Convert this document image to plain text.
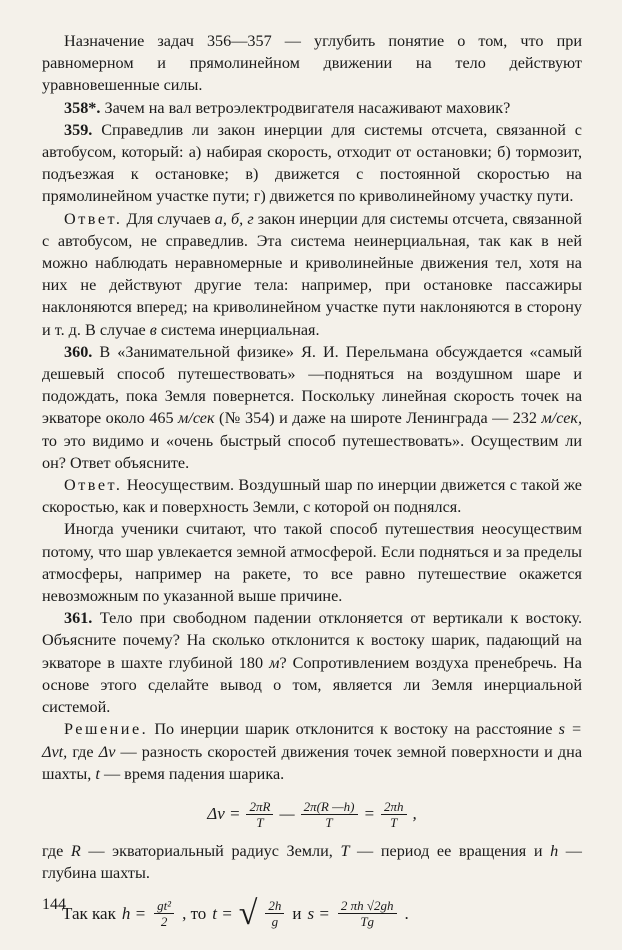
Назначение задач 356—357 — углубить понятие о том, что при равномерном и прямолинейном движении на тело действуют уравновешенные силы.

358*. Зачем на вал ветроэлектродвигателя насаживают маховик?

359. Справедлив ли закон инерции для системы отсчета, связанной с автобусом, который: а) набирая скорость, отходит от остановки; б) тормозит, подъезжая к остановке; в) движется с постоянной скоростью на прямолинейном участке пути; г) движется по криволинейному участку пути.

Ответ. Для случаев а, б, г закон инерции для системы отсчета, связанной с автобусом, не справедлив. Эта система неинерциальная, так как в ней можно наблюдать неравномерные и криволинейные движения тел, хотя на них не действуют другие тела: например, при остановке пассажиры наклоняются вперед; на криволинейном участке пути наклоняются в сторону и т. д. В случае в система инерциальная.

360. В «Занимательной физике» Я. И. Перельмана обсуждается «самый дешевый способ путешествовать» —подняться на воздушном шаре и подождать, пока Земля повернется. Поскольку линейная скорость точек на экваторе около 465 м/сек (№ 354) и даже на широте Ленинграда — 232 м/сек, то это видимо и «очень быстрый способ путешествовать». Осуществим ли он? Ответ объясните.

Ответ. Неосуществим. Воздушный шар по инерции движется с такой же скоростью, как и поверхность Земли, с которой он поднялся.

Иногда ученики считают, что такой способ путешествия неосуществим потому, что шар увлекается земной атмосферой. Если подняться и за пределы атмосферы, например на ракете, то все равно путешествие окажется невозможным по указанной выше причине.

361. Тело при свободном падении отклоняется от вертикали к востоку. Объясните почему? На сколько отклонится к востоку шарик, падающий на экваторе в шахте глубиной 180 м? Сопротивлением воздуха пренебречь. На основе этого сделайте вывод о том, является ли Земля инерциальной системой.

Решение. По инерции шарик отклонится к востоку на расстояние s = Δvt, где Δv — разность скоростей движения точек земной поверхности и дна шахты, t — время падения шарика.

$\Delta v = \frac{2\pi R}{T}$ — $\frac{2\pi(R —h)}{T} = \frac{2\pi h}{T}$ ,

где R — экваториальный радиус Земли, T — период ее вращения и h — глубина шахты.

Так как $h = \frac{\text{gt²}}{2}$ , то t = √ $\frac{2h}{g}$ и $s = \frac{2 \pi h √2gh}{Tg}$ .
144
